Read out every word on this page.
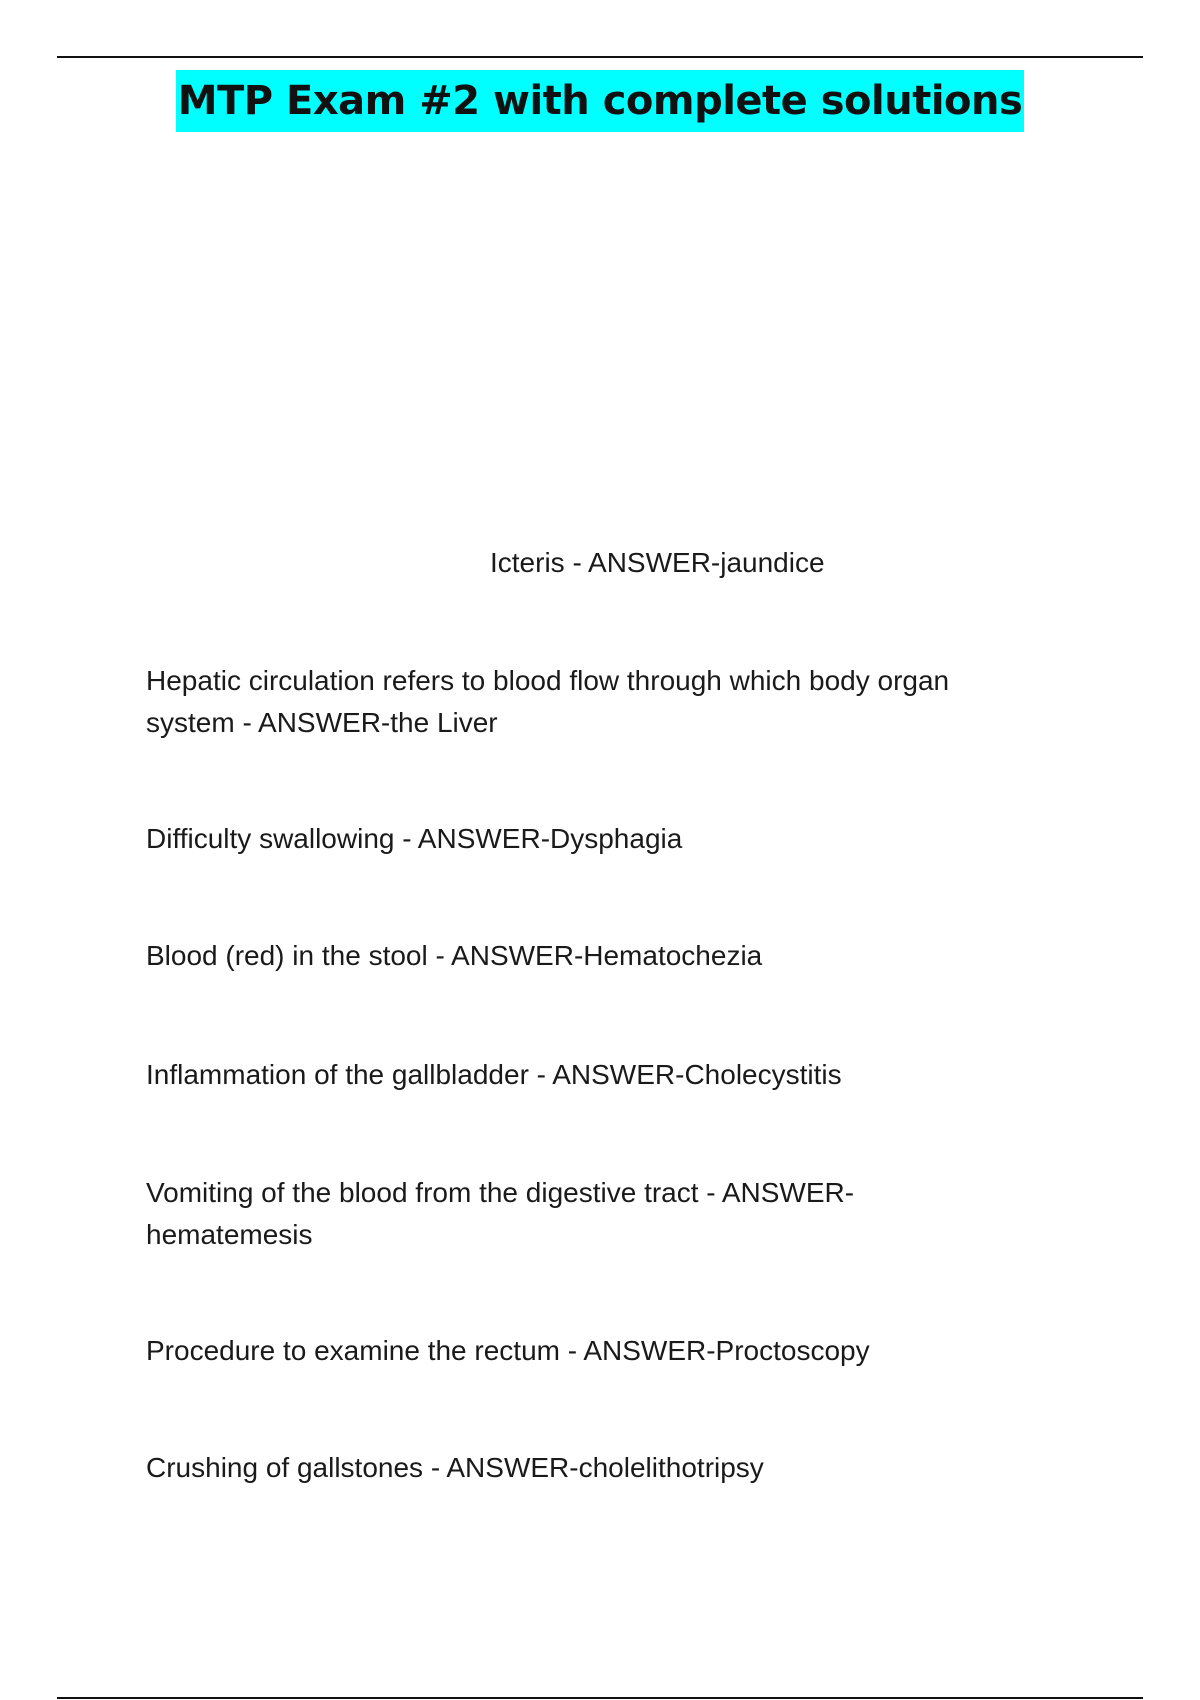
MTP Exam #2 with complete solutions
Icteris - ANSWER-jaundice
Hepatic circulation refers to blood flow through which body organ system - ANSWER-the Liver
Difficulty swallowing - ANSWER-Dysphagia
Blood (red) in the stool - ANSWER-Hematochezia
Inflammation of the gallbladder - ANSWER-Cholecystitis
Vomiting of the blood from the digestive tract - ANSWER-hematemesis
Procedure to examine the rectum - ANSWER-Proctoscopy
Crushing of gallstones - ANSWER-cholelithotripsy
